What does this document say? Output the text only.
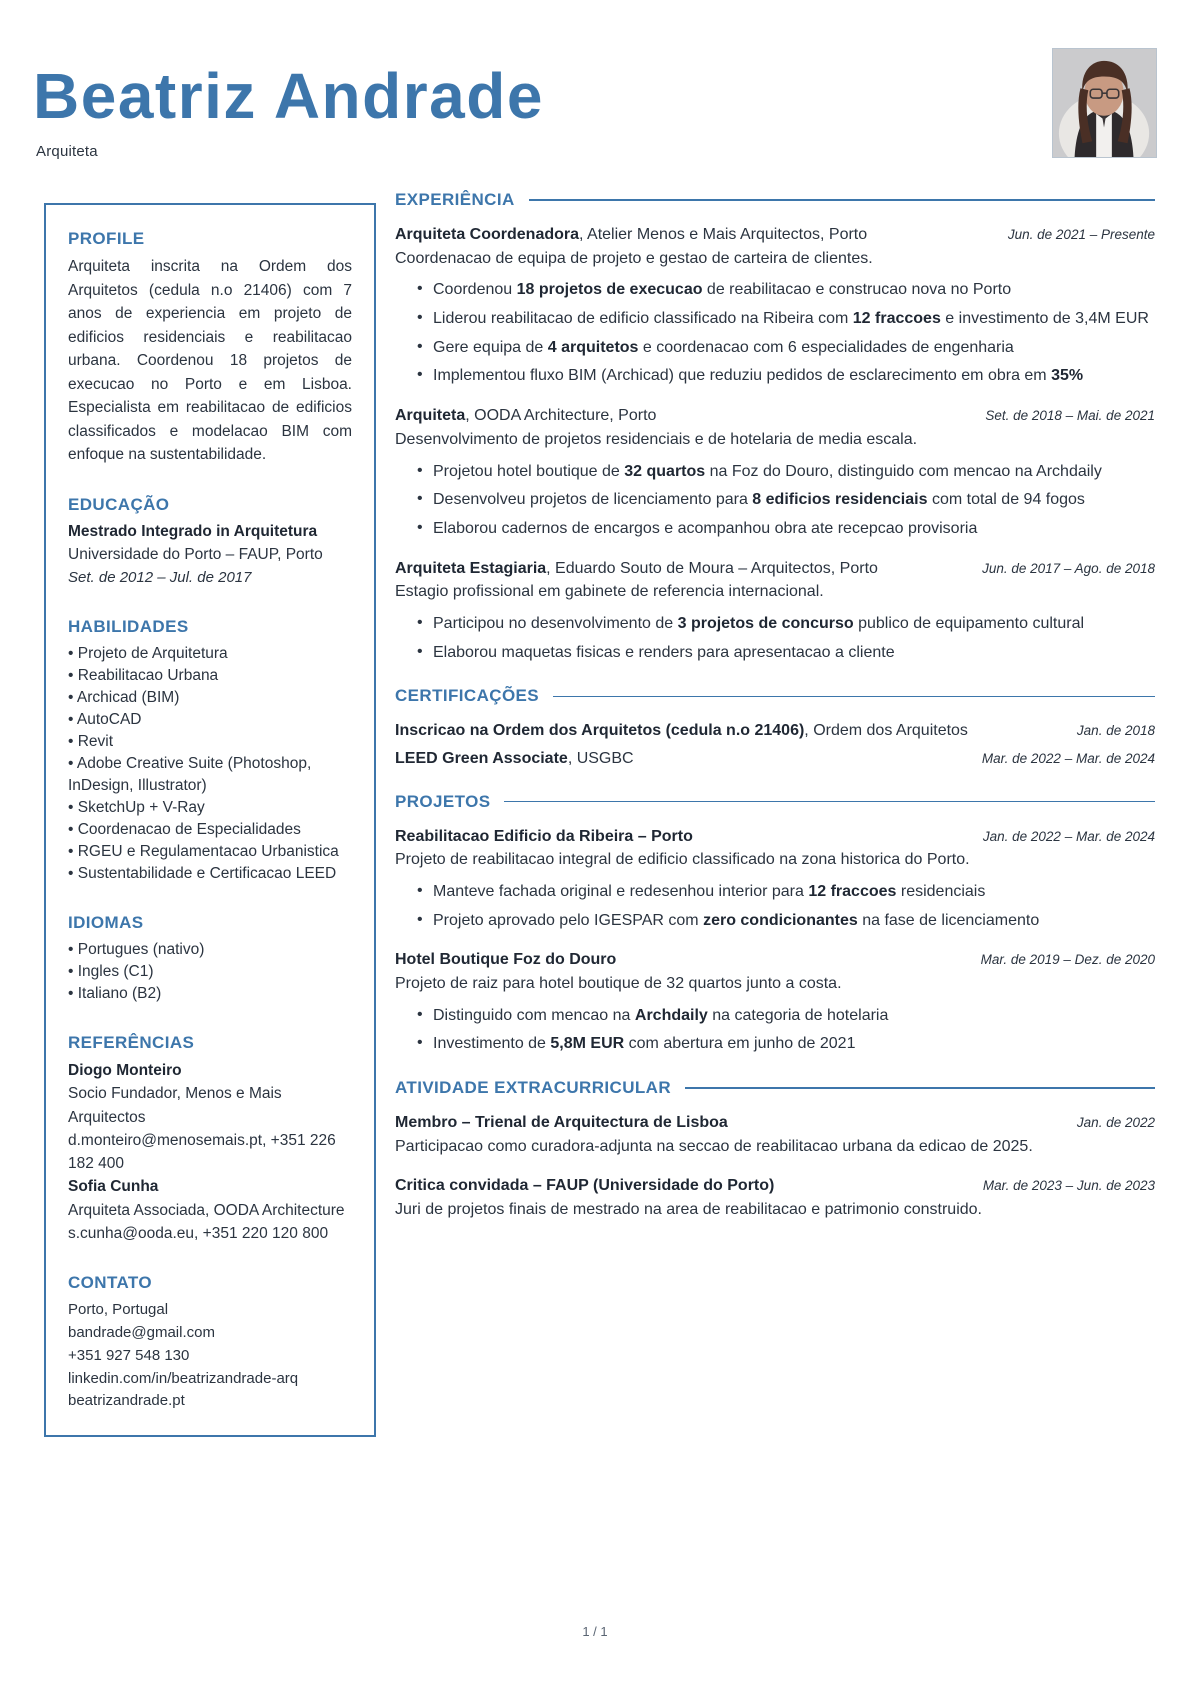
Beatriz Andrade
Arquiteta
PROFILE

Arquiteta inscrita na Ordem dos Arquitetos (cedula n.o 21406) com 7 anos de experiencia em projeto de edificios residenciais e reabilitacao urbana. Coordenou 18 projetos de execucao no Porto e em Lisboa. Especialista em reabilitacao de edificios classificados e modelacao BIM com enfoque na sustentabilidade.

EDUCAÇÃO
Mestrado Integrado in Arquitetura
Universidade do Porto – FAUP, Porto
Set. de 2012 – Jul. de 2017
HABILIDADES
• Projeto de Arquitetura
• Reabilitacao Urbana
• Archicad (BIM)
• AutoCAD
• Revit
• Adobe Creative Suite (Photoshop, InDesign, Illustrator)
• SketchUp + V-Ray
• Coordenacao de Especialidades
• RGEU e Regulamentacao Urbanistica
• Sustentabilidade e Certificacao LEED
IDIOMAS
• Portugues (nativo)
• Ingles (C1)
• Italiano (B2)
REFERÊNCIAS
Diogo Monteiro
Socio Fundador, Menos e Mais Arquitectos
d.monteiro@menosemais.pt, +351 226 182 400
Sofia Cunha
Arquiteta Associada, OODA Architecture
s.cunha@ooda.eu, +351 220 120 800
CONTATO
Porto, Portugal
bandrade@gmail.com
+351 927 548 130
linkedin.com/in/beatrizandrade-arq
beatrizandrade.pt
EXPERIÊNCIA
Arquiteta Coordenadora, Atelier Menos e Mais Arquitectos, Porto	Jun. de 2021 – Presente
Coordenacao de equipa de projeto e gestao de carteira de clientes.
• Coordenou 18 projetos de execucao de reabilitacao e construcao nova no Porto
• Liderou reabilitacao de edificio classificado na Ribeira com 12 fraccoes e investimento de 3,4M EUR
• Gere equipa de 4 arquitetos e coordenacao com 6 especialidades de engenharia
• Implementou fluxo BIM (Archicad) que reduziu pedidos de esclarecimento em obra em 35%
Arquiteta, OODA Architecture, Porto	Set. de 2018 – Mai. de 2021
Desenvolvimento de projetos residenciais e de hotelaria de media escala.
• Projetou hotel boutique de 32 quartos na Foz do Douro, distinguido com mencao na Archdaily
• Desenvolveu projetos de licenciamento para 8 edificios residenciais com total de 94 fogos
• Elaborou cadernos de encargos e acompanhou obra ate recepcao provisoria
Arquiteta Estagiaria, Eduardo Souto de Moura – Arquitectos, Porto	Jun. de 2017 – Ago. de 2018
Estagio profissional em gabinete de referencia internacional.
• Participou no desenvolvimento de 3 projetos de concurso publico de equipamento cultural
• Elaborou maquetas fisicas e renders para apresentacao a cliente
CERTIFICAÇÕES
Inscricao na Ordem dos Arquitetos (cedula n.o 21406), Ordem dos Arquitetos	Jan. de 2018
LEED Green Associate, USGBC	Mar. de 2022 – Mar. de 2024
PROJETOS
Reabilitacao Edificio da Ribeira – Porto	Jan. de 2022 – Mar. de 2024
Projeto de reabilitacao integral de edificio classificado na zona historica do Porto.
• Manteve fachada original e redesenhou interior para 12 fraccoes residenciais
• Projeto aprovado pelo IGESPAR com zero condicionantes na fase de licenciamento
Hotel Boutique Foz do Douro	Mar. de 2019 – Dez. de 2020
Projeto de raiz para hotel boutique de 32 quartos junto a costa.
• Distinguido com mencao na Archdaily na categoria de hotelaria
• Investimento de 5,8M EUR com abertura em junho de 2021
ATIVIDADE EXTRACURRICULAR
Membro – Trienal de Arquitectura de Lisboa	Jan. de 2022
Participacao como curadora-adjunta na seccao de reabilitacao urbana da edicao de 2025.
Critica convidada – FAUP (Universidade do Porto)	Mar. de 2023 – Jun. de 2023
Juri de projetos finais de mestrado na area de reabilitacao e patrimonio construido.
1 / 1
